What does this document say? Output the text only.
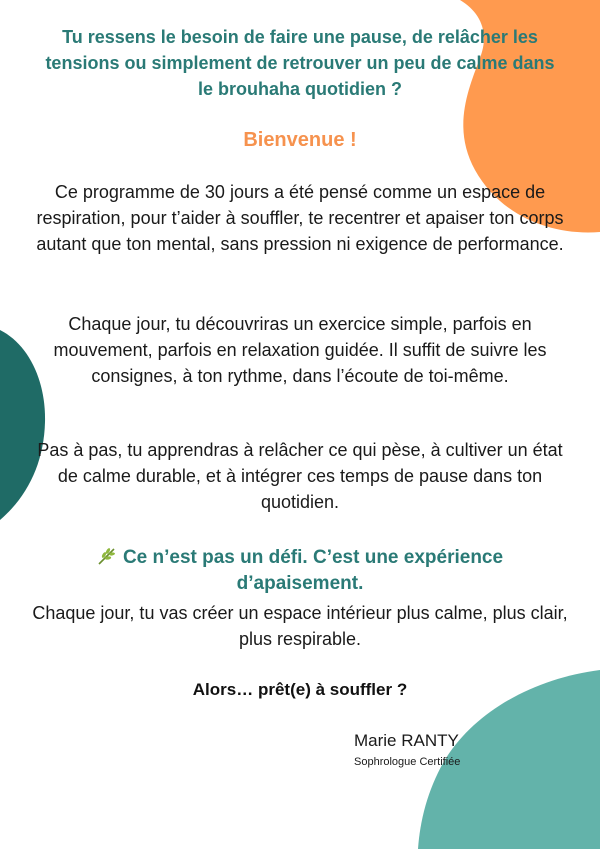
Tu ressens le besoin de faire une pause, de relâcher les tensions ou simplement de retrouver un peu de calme dans le brouhaha quotidien ?

Bienvenue !

Ce programme de 30 jours a été pensé comme un espace de respiration, pour t’aider à souffler, te recentrer et apaiser ton corps autant que ton mental, sans pression ni exigence de performance.

Chaque jour, tu découvriras un exercice simple, parfois en mouvement, parfois en relaxation guidée. Il suffit de suivre les consignes, à ton rythme, dans l’écoute de toi-même.

Pas à pas, tu apprendras à relâcher ce qui pèse, à cultiver un état de calme durable, et à intégrer ces temps de pause dans ton quotidien.

Ce n’est pas un défi. C’est une expérience d’apaisement.

Chaque jour, tu vas créer un espace intérieur plus calme, plus clair, plus respirable.

Alors… prêt(e) à souffler ?

Marie RANTY

Sophrologue Certifiée
